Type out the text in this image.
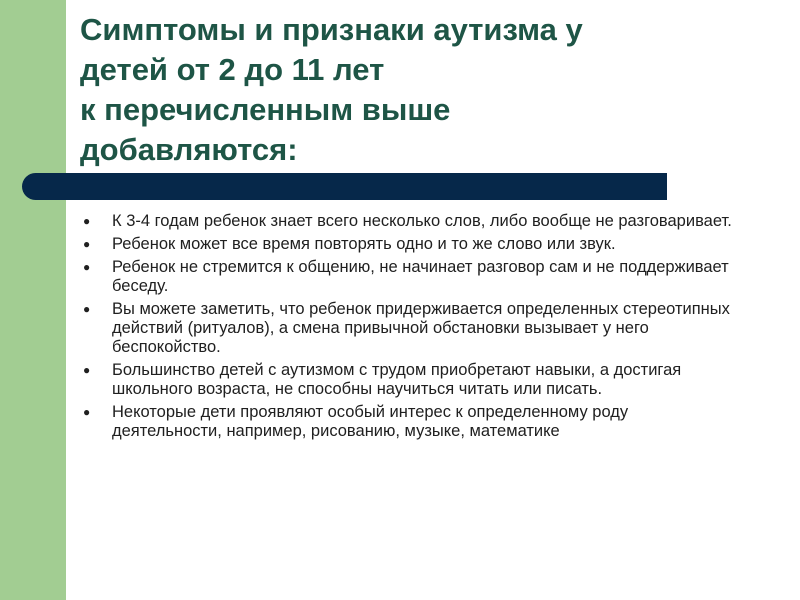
Симптомы и признаки аутизма у
детей от 2 до 11 лет
к перечисленным выше
добавляются:
●	К 3-4 годам ребенок знает всего несколько слов, либо вообще не разговаривает.
●	Ребенок может все время повторять одно и то же слово или звук.
●	Ребенок не стремится к общению, не начинает разговор сам и не поддерживает беседу.
●	Вы можете заметить, что ребенок придерживается определенных стереотипных действий (ритуалов), а смена привычной обстановки вызывает у него беспокойство.
●	Большинство детей с аутизмом с трудом приобретают навыки, а достигая школьного возраста, не способны научиться читать или писать.
●	Некоторые дети проявляют особый интерес к определенному роду деятельности, например, рисованию, музыке, математике
